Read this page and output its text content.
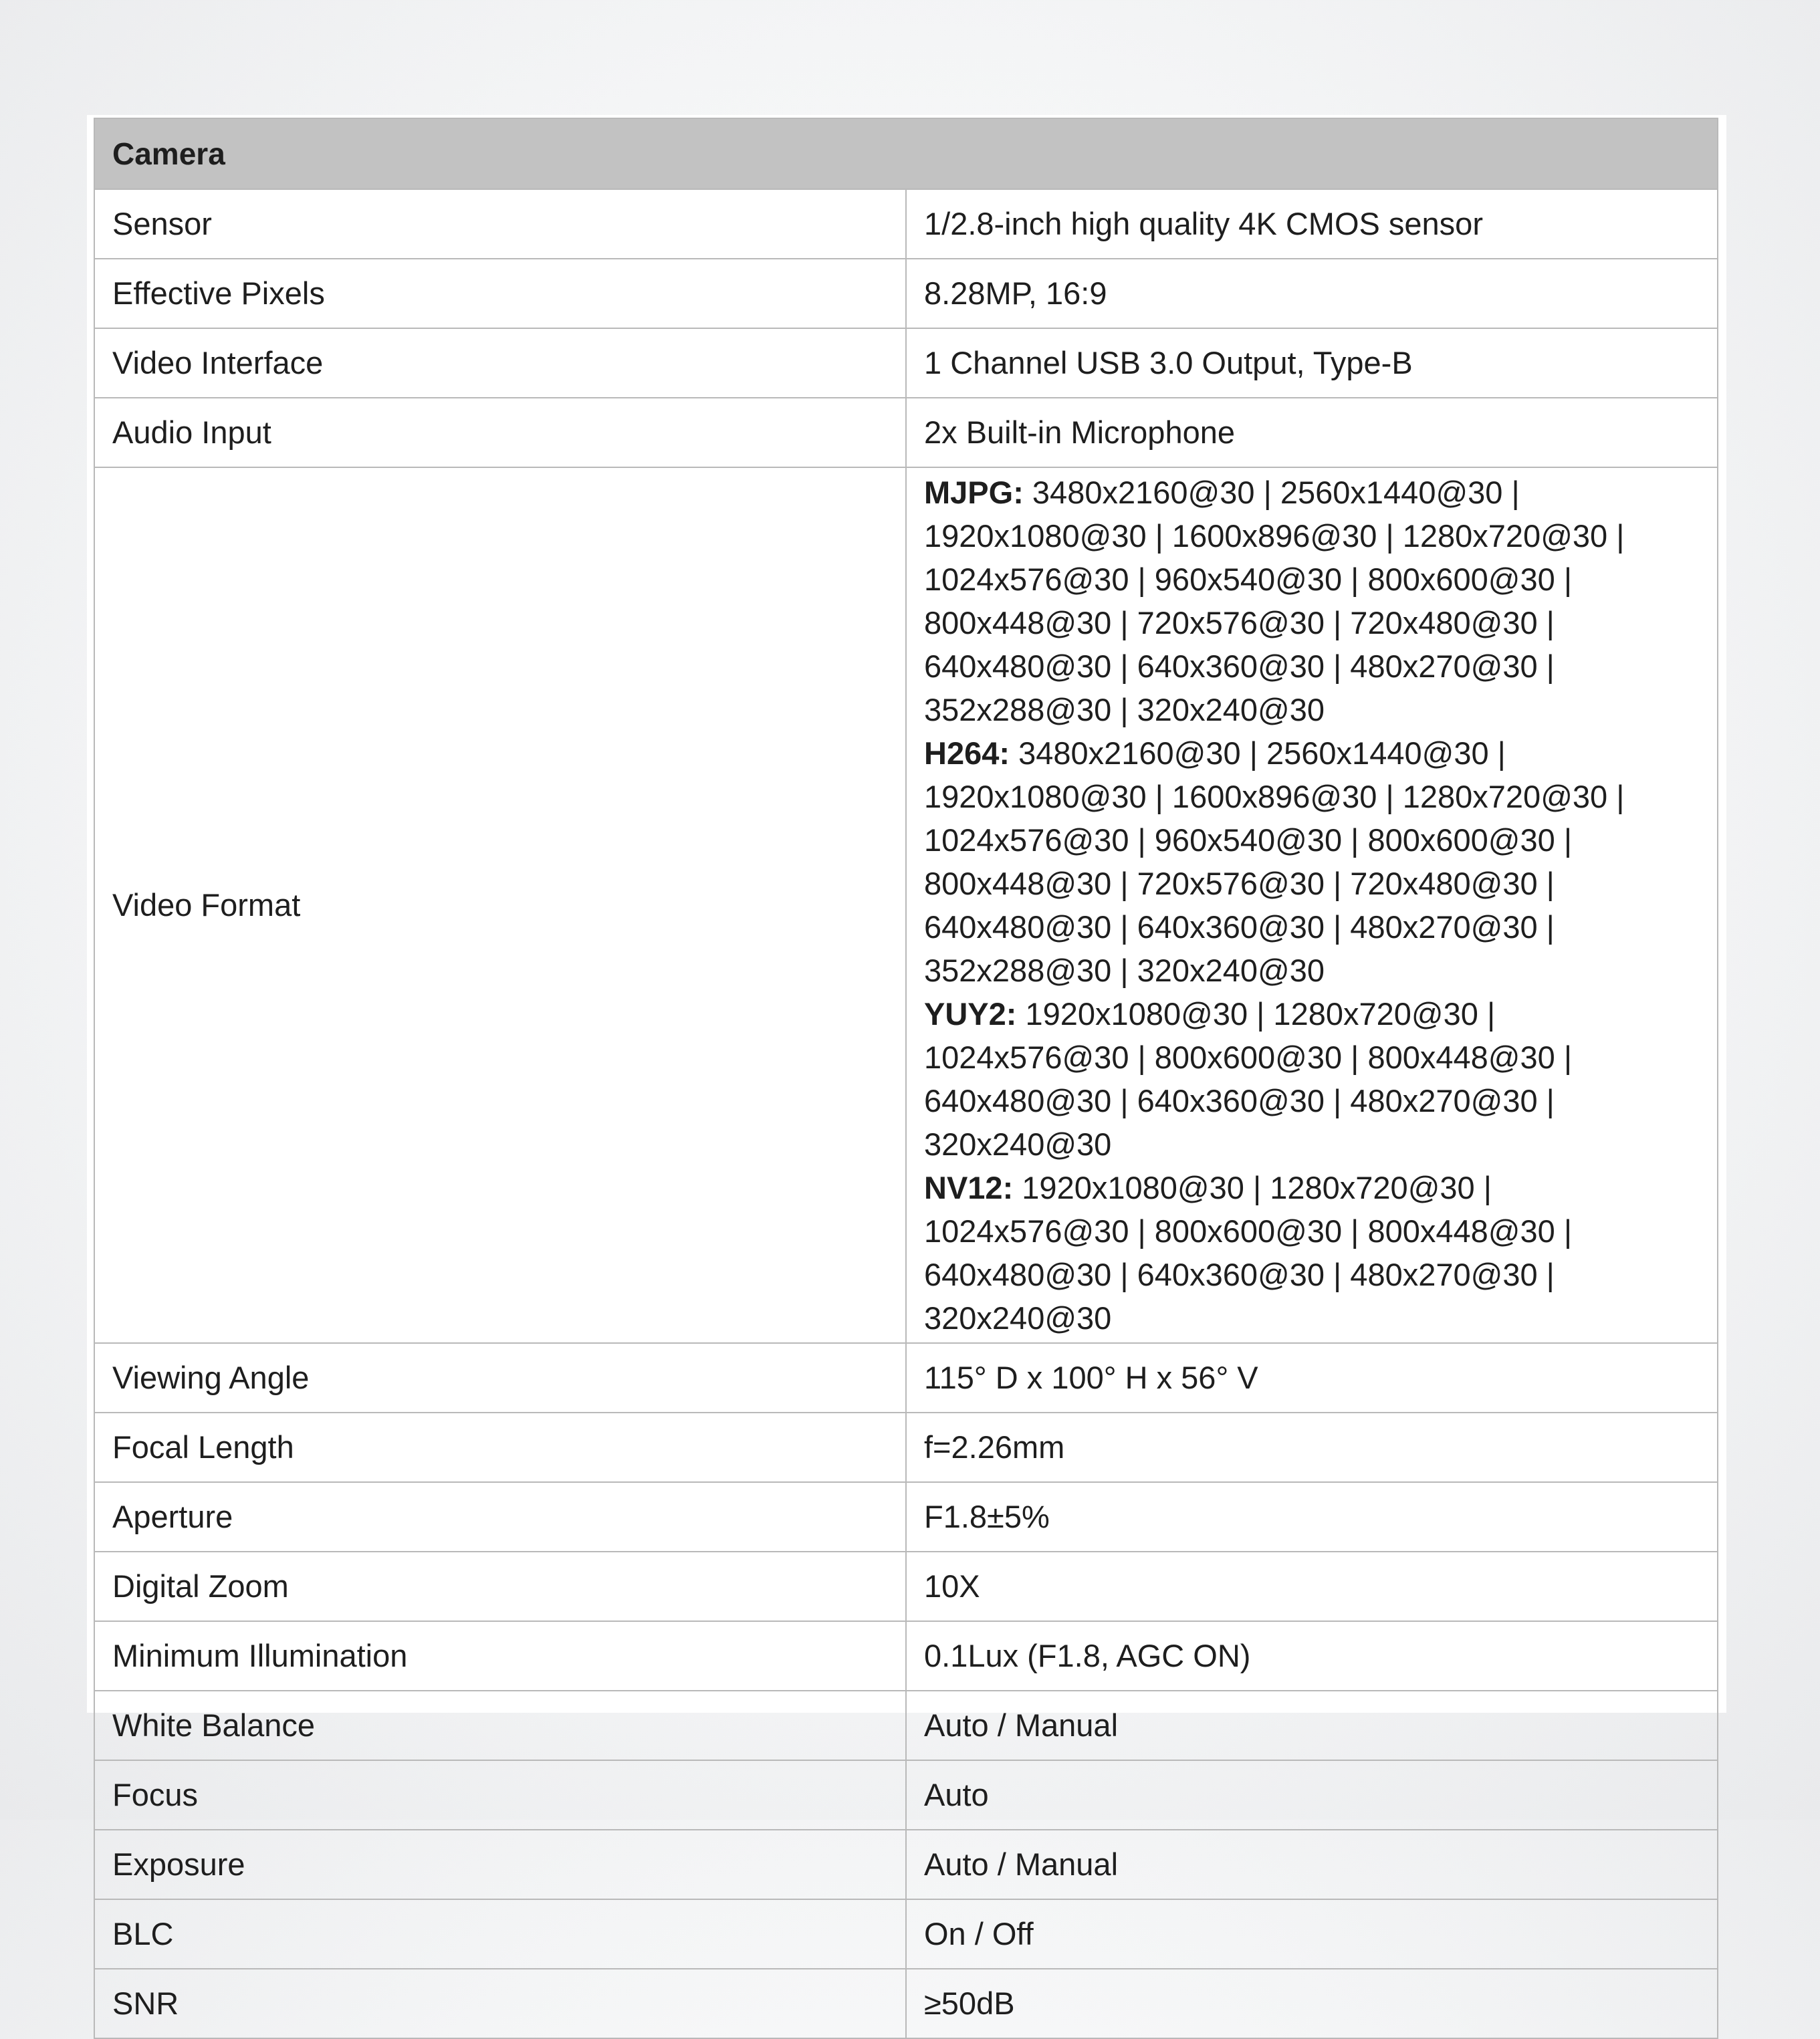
Camera	
Sensor	1/2.8-inch high quality 4K CMOS sensor
Effective Pixels	8.28MP, 16:9
Video Interface	1 Channel USB 3.0 Output, Type-B
Audio Input	2x Built-in Microphone
Video Format	MJPG: 3480x2160@30 | 2560x1440@30 | 1920x1080@30 | 1600x896@30 | 1280x720@30 | 1024x576@30 | 960x540@30 | 800x600@30 | 800x448@30 | 720x576@30 | 720x480@30 | 640x480@30 | 640x360@30 | 480x270@30 | 352x288@30 | 320x240@30
H264: 3480x2160@30 | 2560x1440@30 | 1920x1080@30 | 1600x896@30 | 1280x720@30 | 1024x576@30 | 960x540@30 | 800x600@30 | 800x448@30 | 720x576@30 | 720x480@30 | 640x480@30 | 640x360@30 | 480x270@30 | 352x288@30 | 320x240@30
YUY2: 1920x1080@30 | 1280x720@30 | 1024x576@30 | 800x600@30 | 800x448@30 | 640x480@30 | 640x360@30 | 480x270@30 | 320x240@30
NV12: 1920x1080@30 | 1280x720@30 | 1024x576@30 | 800x600@30 | 800x448@30 | 640x480@30 | 640x360@30 | 480x270@30 | 320x240@30

Viewing Angle	115° D x 100° H x 56° V
Focal Length	f=2.26mm
Aperture	F1.8±5%
Digital Zoom	10X
Minimum Illumination	0.1Lux (F1.8, AGC ON)
White Balance	Auto / Manual
Focus	Auto
Exposure	Auto / Manual
BLC	On / Off
SNR	≥50dB
